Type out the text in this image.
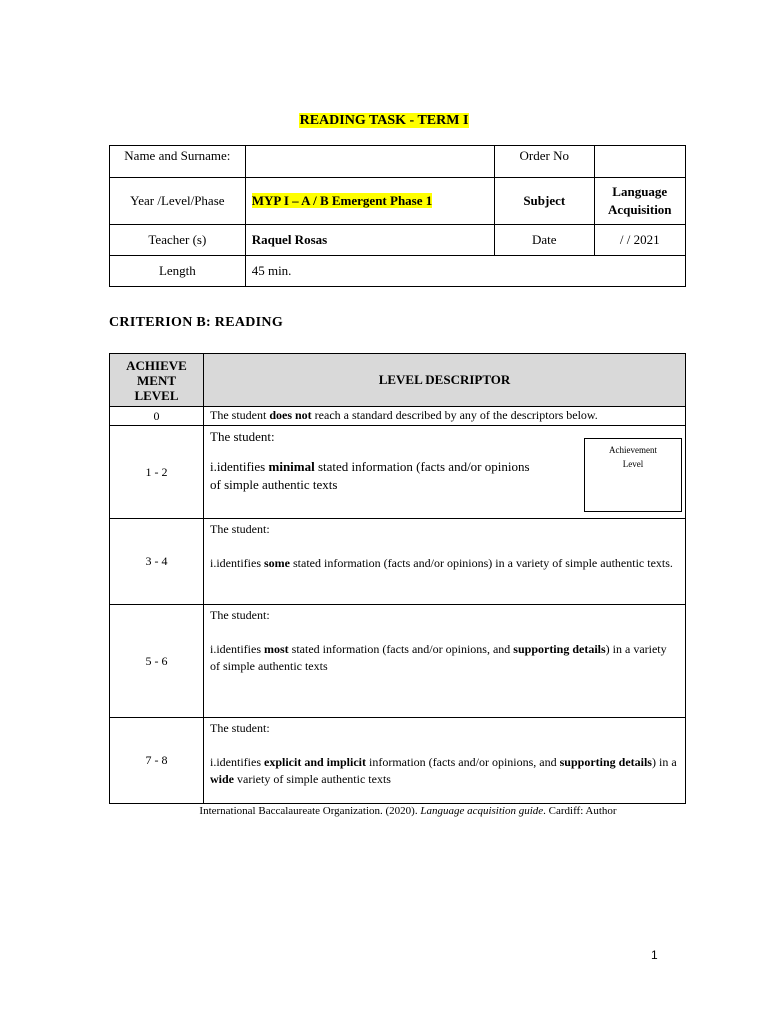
READING TASK - TERM I
Name and Surname:		Order No	
Year /Level/Phase	MYP I – A / B Emergent Phase 1	Subject	Language Acquisition
Teacher (s)	Raquel Rosas	Date	/ / 2021
Length	45 min.		
CRITERION B: READING
ACHIEVE
MENT
LEVEL	LEVEL DESCRIPTOR
0	The student does not reach a standard described by any of the descriptors below.
1 - 2	The student:
i.identifies minimal stated information (facts and/or opinions
of simple authentic texts

3 - 4	The student:
i.identifies some stated information (facts and/or opinions) in a variety of simple authentic texts.

5 - 6	The student:
i.identifies most stated information (facts and/or opinions, and supporting details) in a variety of simple authentic texts

7 - 8	The student:
i.identifies explicit and implicit information (facts and/or opinions, and supporting details) in a wide variety of simple authentic texts
Achievement
Level
International Baccalaureate Organization. (2020). Language acquisition guide. Cardiff: Author
1
